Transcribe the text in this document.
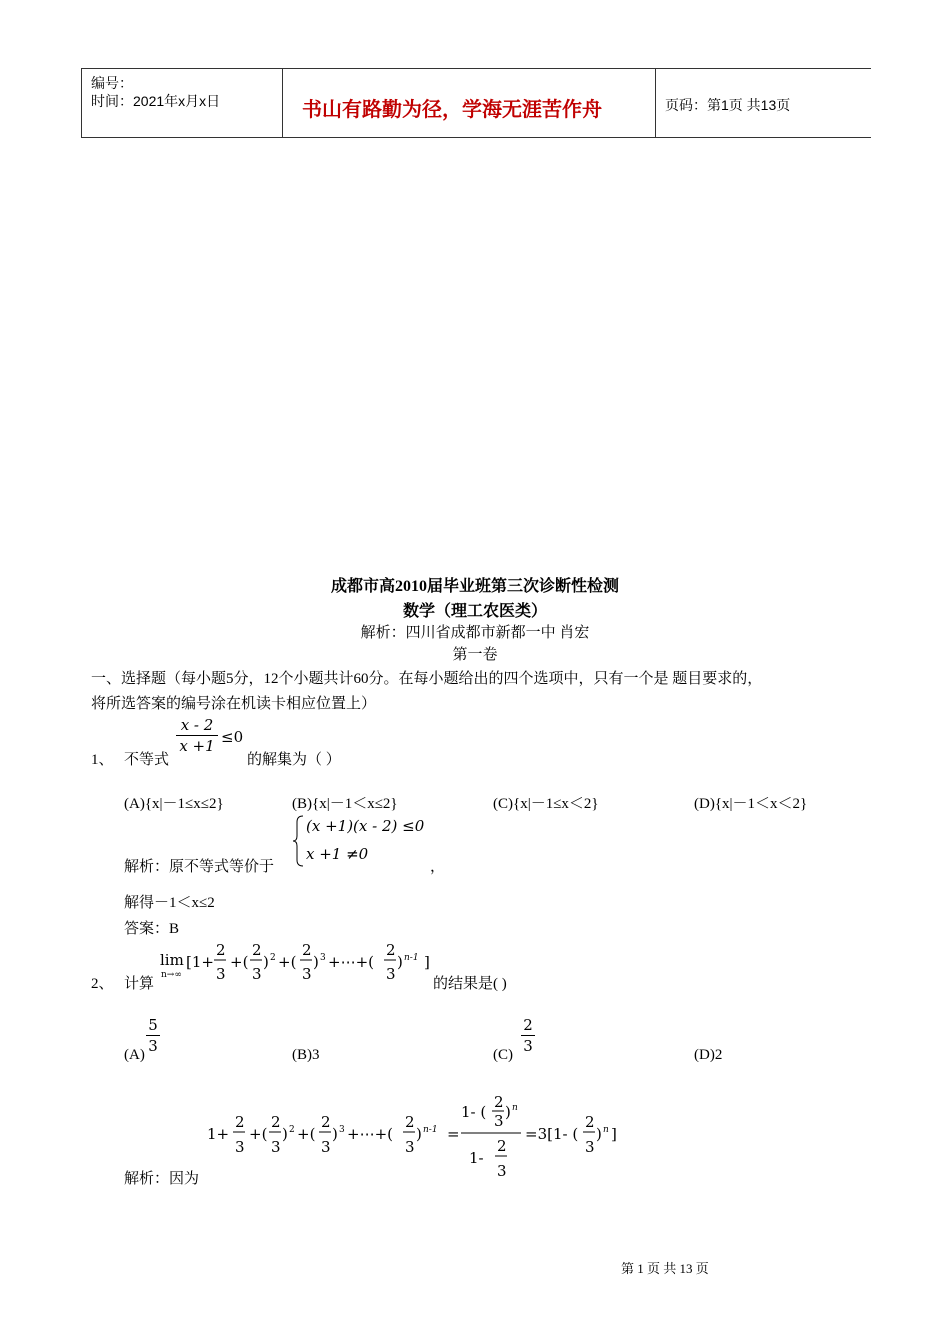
编号：
时间：2021年x月x日	书山有路勤为径，学海无涯苦作舟	页码：第1页 共13页
成都市高2010届毕业班第三次诊断性检测
数学（理工农医类）
解析：四川省成都市新都一中 肖宏
第一卷
一、选择题（每小题5分，12个小题共计60分。在每小题给出的四个选项中，只有一个是 题目要求的，
将所选答案的编号涂在机读卡相应位置上）
1、 不等式
x - 2
x +1 ≤0
的解集为（ ）
(A){x|－1≤x≤2}	(B){x|－1＜x≤2}	(C){x|－1≤x＜2}	(D){x|－1＜x＜2}
解析：原不等式等价于
(x +1)(x - 2) ≤0
x +1 ≠0
，
解得－1＜x≤2
答案：B
2、 计算
lim
n→∞
[1+
2
3
+(
2
3
) 2 +(
2
3
) 3 +⋯+(
2
3
) n-1 ]
的结果是( )
(A)
5
3	(B)3	(C)
2
3	(D)2
1+
2
3
+(
2
3
) 2 +(
2
3
) 3 +⋯+(
2
3
) n-1 =
1- (
2
3 ) n
1-
2
3
=3[1- (
2
3
) n ]
解析：因为
第 1 页 共 13 页
